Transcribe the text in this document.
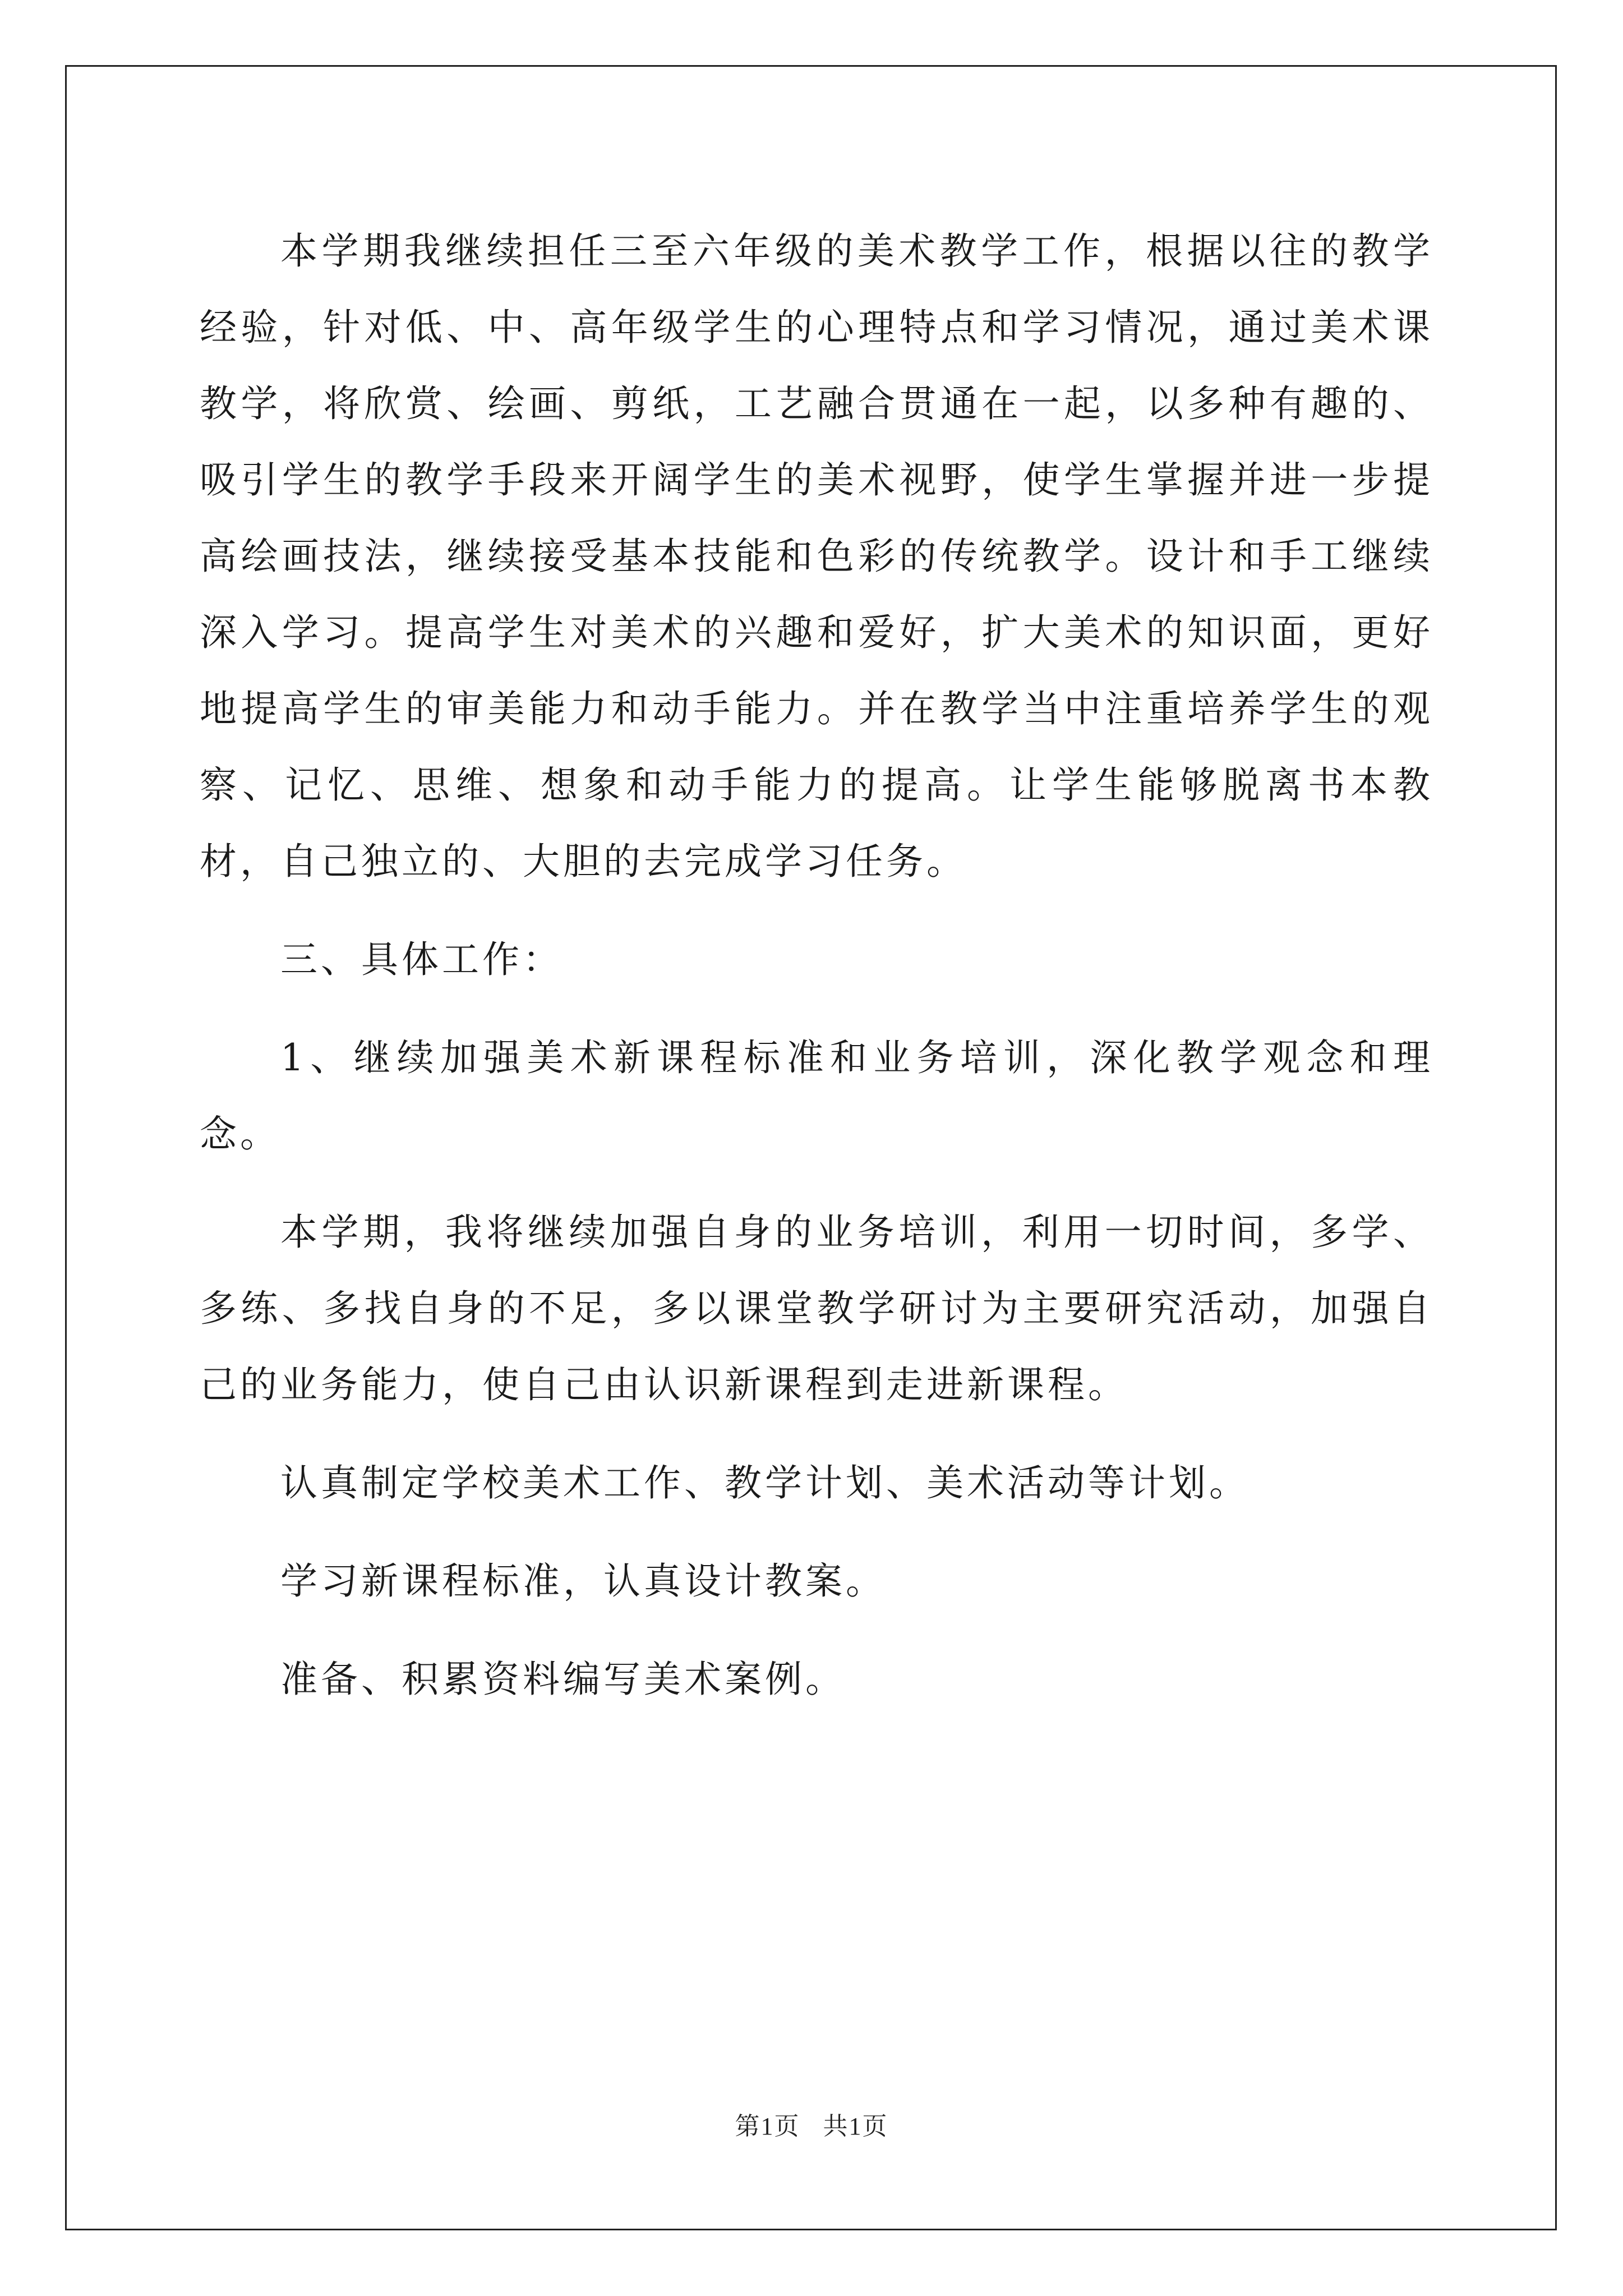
本学期我继续担任三至六年级的美术教学工作，根据以往的教学经验，针对低、中、高年级学生的心理特点和学习情况，通过美术课教学，将欣赏、绘画、剪纸，工艺融合贯通在一起，以多种有趣的、吸引学生的教学手段来开阔学生的美术视野，使学生掌握并进一步提高绘画技法，继续接受基本技能和色彩的传统教学。设计和手工继续深入学习。提高学生对美术的兴趣和爱好，扩大美术的知识面，更好地提高学生的审美能力和动手能力。并在教学当中注重培养学生的观察、记忆、思维、想象和动手能力的提高。让学生能够脱离书本教材，自己独立的、大胆的去完成学习任务。

三、具体工作：

1、继续加强美术新课程标准和业务培训，深化教学观念和理念。

本学期，我将继续加强自身的业务培训，利用一切时间，多学、多练、多找自身的不足，多以课堂教学研讨为主要研究活动，加强自己的业务能力，使自己由认识新课程到走进新课程。

认真制定学校美术工作、教学计划、美术活动等计划。

学习新课程标准，认真设计教案。

准备、积累资料编写美术案例。

第1页 共1页
